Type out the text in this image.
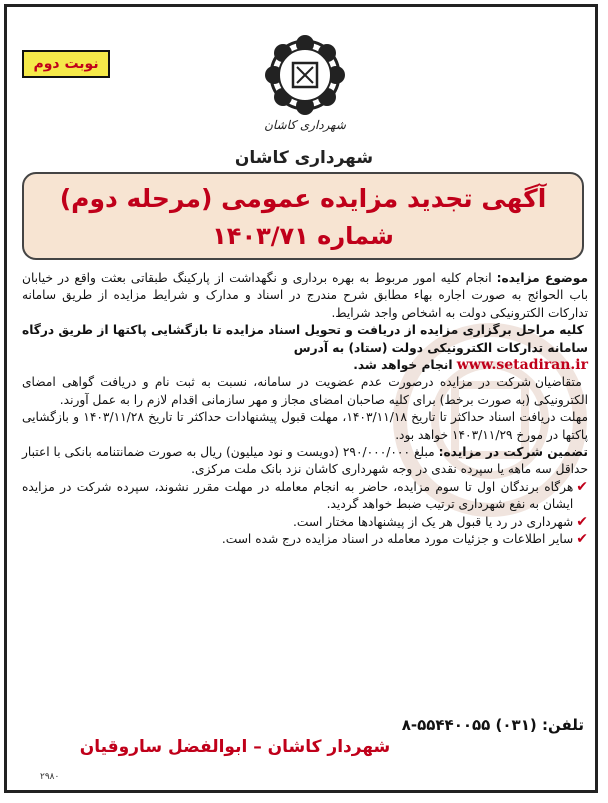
نوبت دوم
شهرداری کاشان
شهرداری کاشان
آگهی تجدید مزایده عمومی (مرحله دوم)
شماره ۱۴۰۳/۷۱

موضوع مزایده: انجام کلیه امور مربوط به بهره برداری و نگهداشت از پارکینگ طبقاتی بعثت واقع در خیابان باب الحوائج به صورت اجاره بهاء مطابق شرح مندرج در اسناد و مدارک و شرایط مزایده از طریق سامانه تدارکات الکترونیکی دولت به اشخاص واجد شرایط.

کلیه مراحل برگزاری مزایده از دریافت و تحویل اسناد مزایده تا بازگشایی پاکتها از طریق درگاه سامانه تدارکات الکترونیکی دولت (ستاد) به آدرس
www.setadiran.ir انجام خواهد شد.

متقاضیان شرکت در مزایده درصورت عدم عضویت در سامانه، نسبت به ثبت نام و دریافت گواهی امضای الکترونیکی (به صورت برخط) برای کلیه صاحبان امضای مجاز و مهر سازمانی اقدام لازم را به عمل آورند.

مهلت دریافت اسناد حداکثر تا تاریخ ۱۴۰۳/۱۱/۱۸، مهلت قبول پیشنهادات حداکثر تا تاریخ ۱۴۰۳/۱۱/۲۸ و بازگشایی پاکتها در مورخ ۱۴۰۳/۱۱/۲۹ خواهد بود.

تضمین شرکت در مزایده: مبلغ ۲۹۰/۰۰۰/۰۰۰ (دویست و نود میلیون) ریال به صورت ضمانتنامه بانکی با اعتبار حداقل سه ماهه یا سپرده نقدی در وجه شهرداری کاشان نزد بانک ملت مرکزی.

✔
هرگاه برندگان اول تا سوم مزایده، حاضر به انجام معامله در مهلت مقرر نشوند، سپرده شرکت در مزایده ایشان به نفع شهرداری ترتیب ضبط خواهد گردید.
✔
شهرداری در رد یا قبول هر یک از پیشنهادها مختار است.
✔
سایر اطلاعات و جزئیات مورد معامله در اسناد مزایده درج شده است.
تلفن: ۸-۵۵۴۴۰۰۵۵ (۰۳۱)
شهردار کاشان – ابوالفضل ساروقیان
۲۹۸۰
